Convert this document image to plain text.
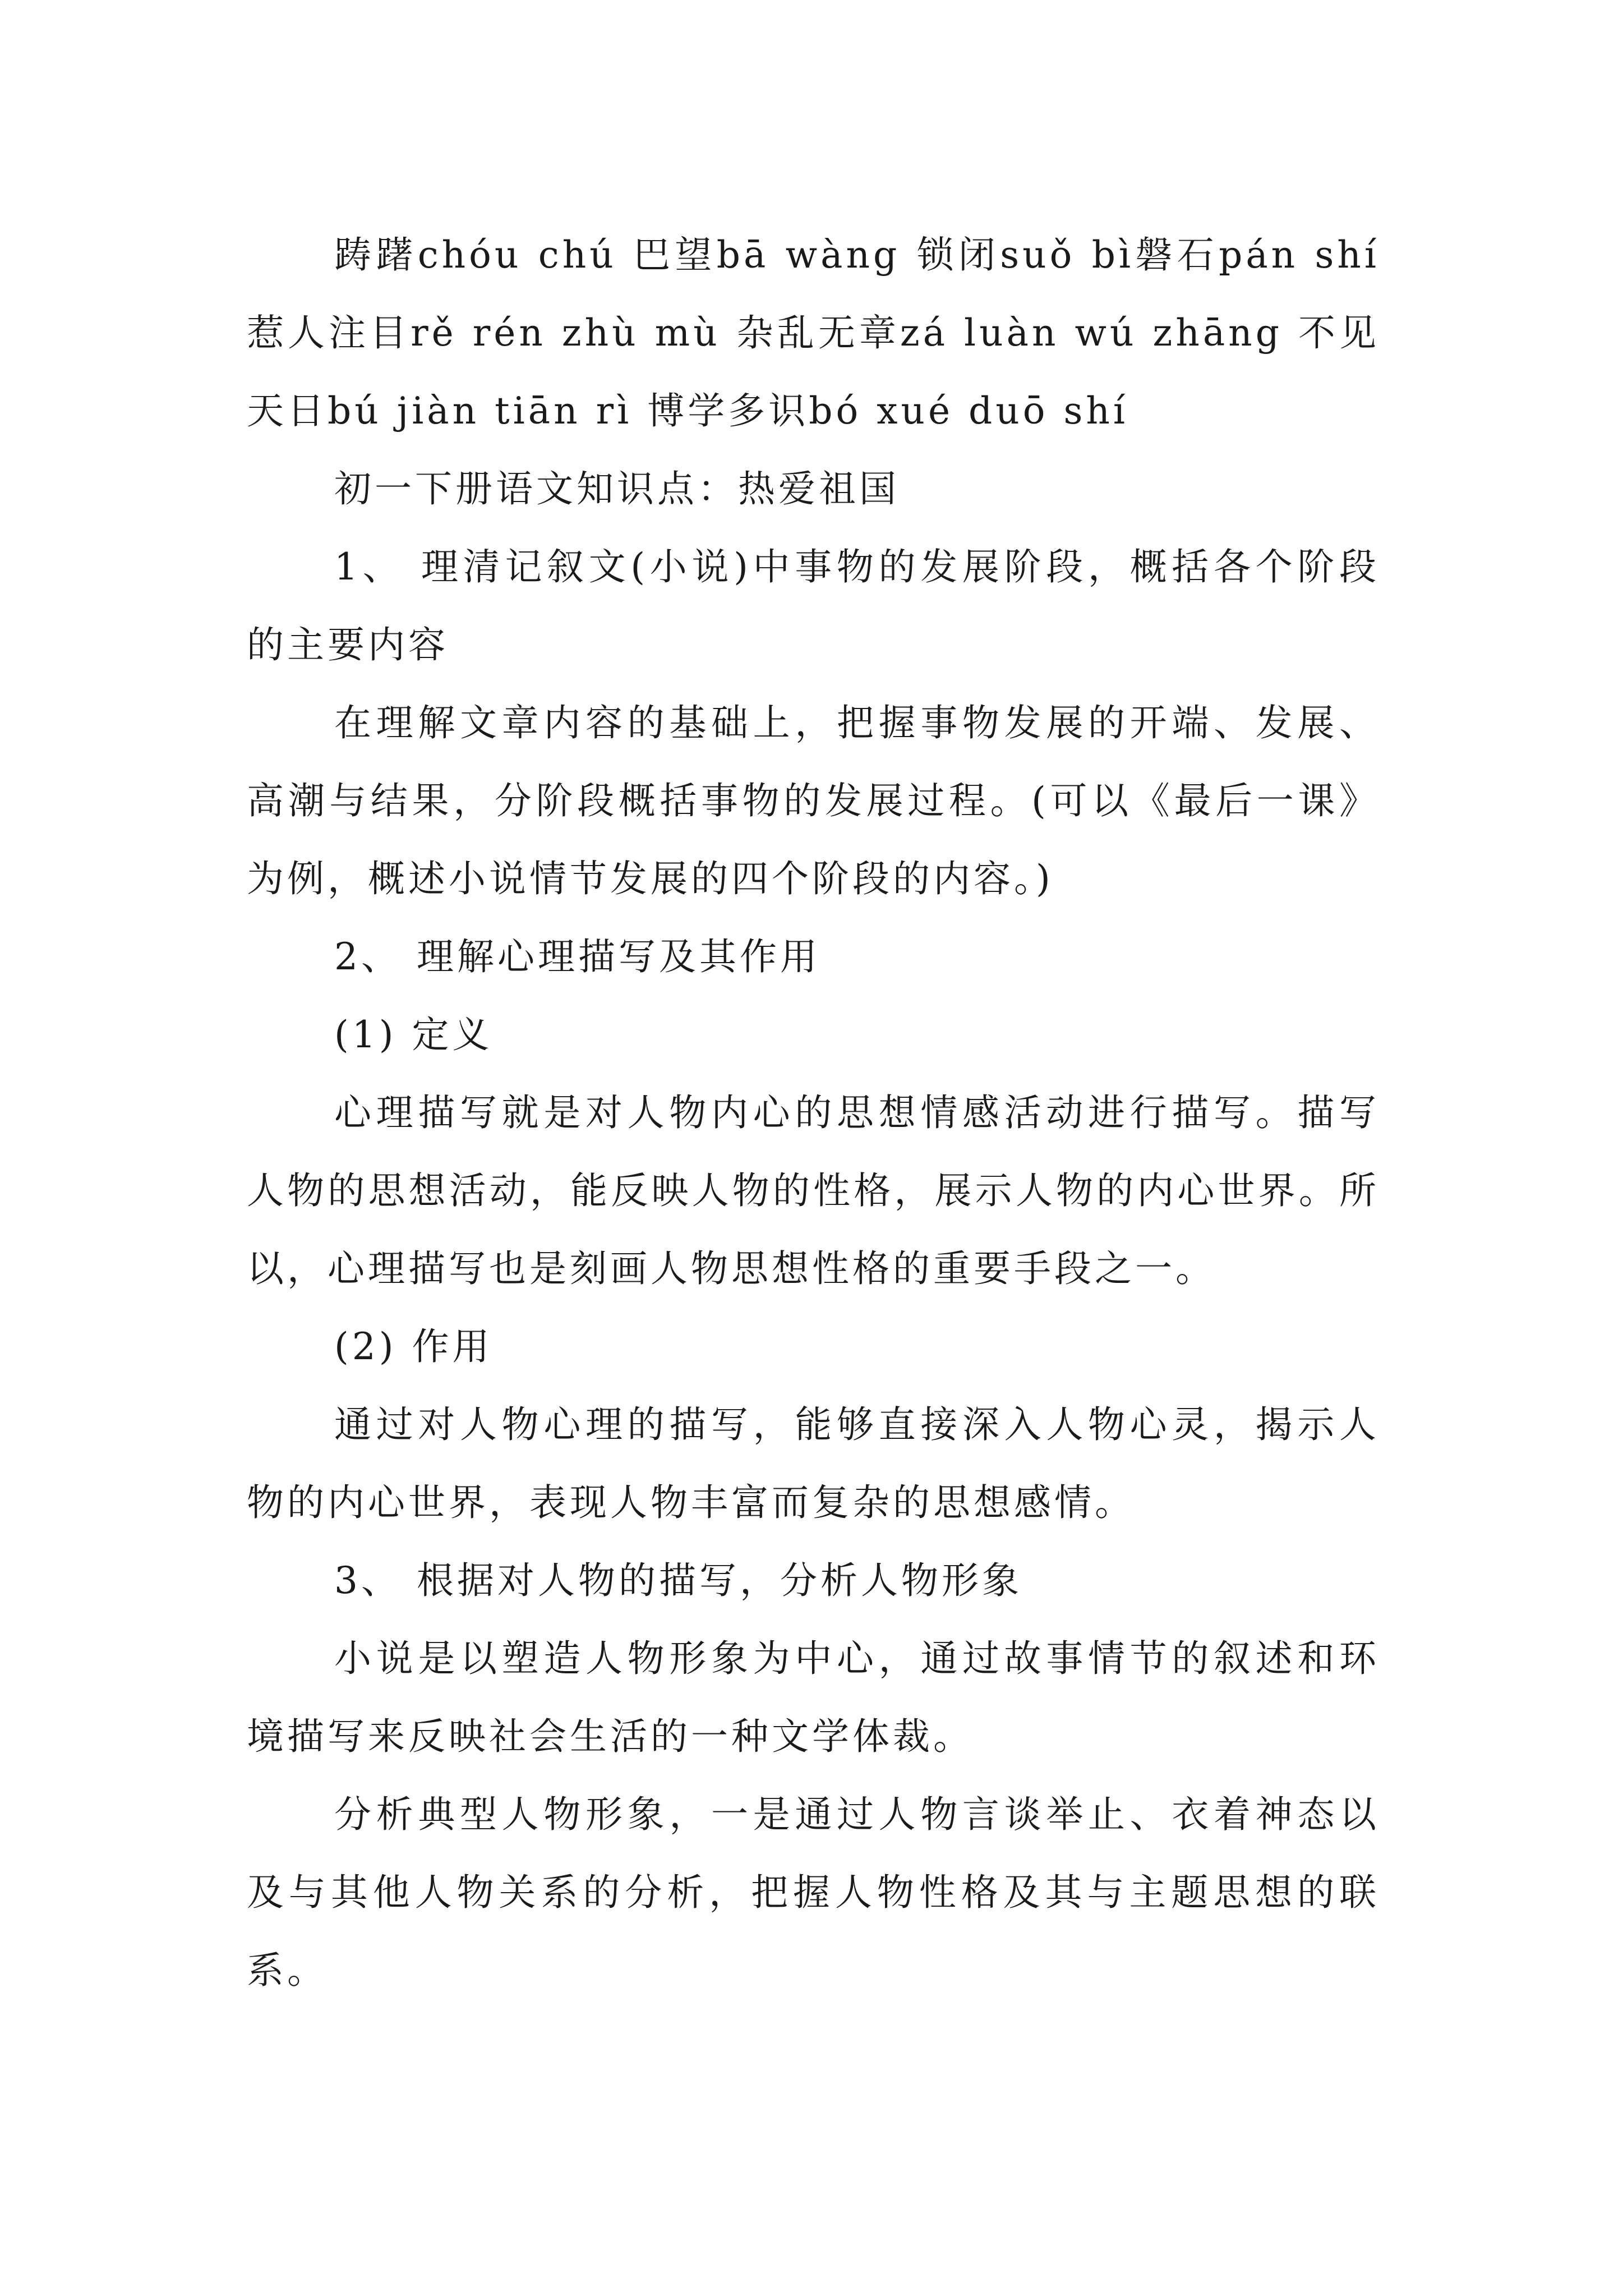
踌躇chóu chú 巴望bā wàng 锁闭suǒ bì磐石pán shí 惹人注目rě rén zhù mù 杂乱无章zá luàn wú zhāng 不见天日bú jiàn tiān rì 博学多识bó xué duō shí

初一下册语文知识点：热爱祖国

1、 理清记叙文(小说)中事物的发展阶段，概括各个阶段的主要内容

在理解文章内容的基础上，把握事物发展的开端、发展、高潮与结果，分阶段概括事物的发展过程。(可以《最后一课》为例，概述小说情节发展的四个阶段的内容。)

2、 理解心理描写及其作用

(1) 定义

心理描写就是对人物内心的思想情感活动进行描写。描写人物的思想活动，能反映人物的性格，展示人物的内心世界。所以，心理描写也是刻画人物思想性格的重要手段之一。

(2) 作用

通过对人物心理的描写，能够直接深入人物心灵，揭示人物的内心世界，表现人物丰富而复杂的思想感情。

3、 根据对人物的描写，分析人物形象

小说是以塑造人物形象为中心，通过故事情节的叙述和环境描写来反映社会生活的一种文学体裁。

分析典型人物形象，一是通过人物言谈举止、衣着神态以及与其他人物关系的分析，把握人物性格及其与主题思想的联系。
